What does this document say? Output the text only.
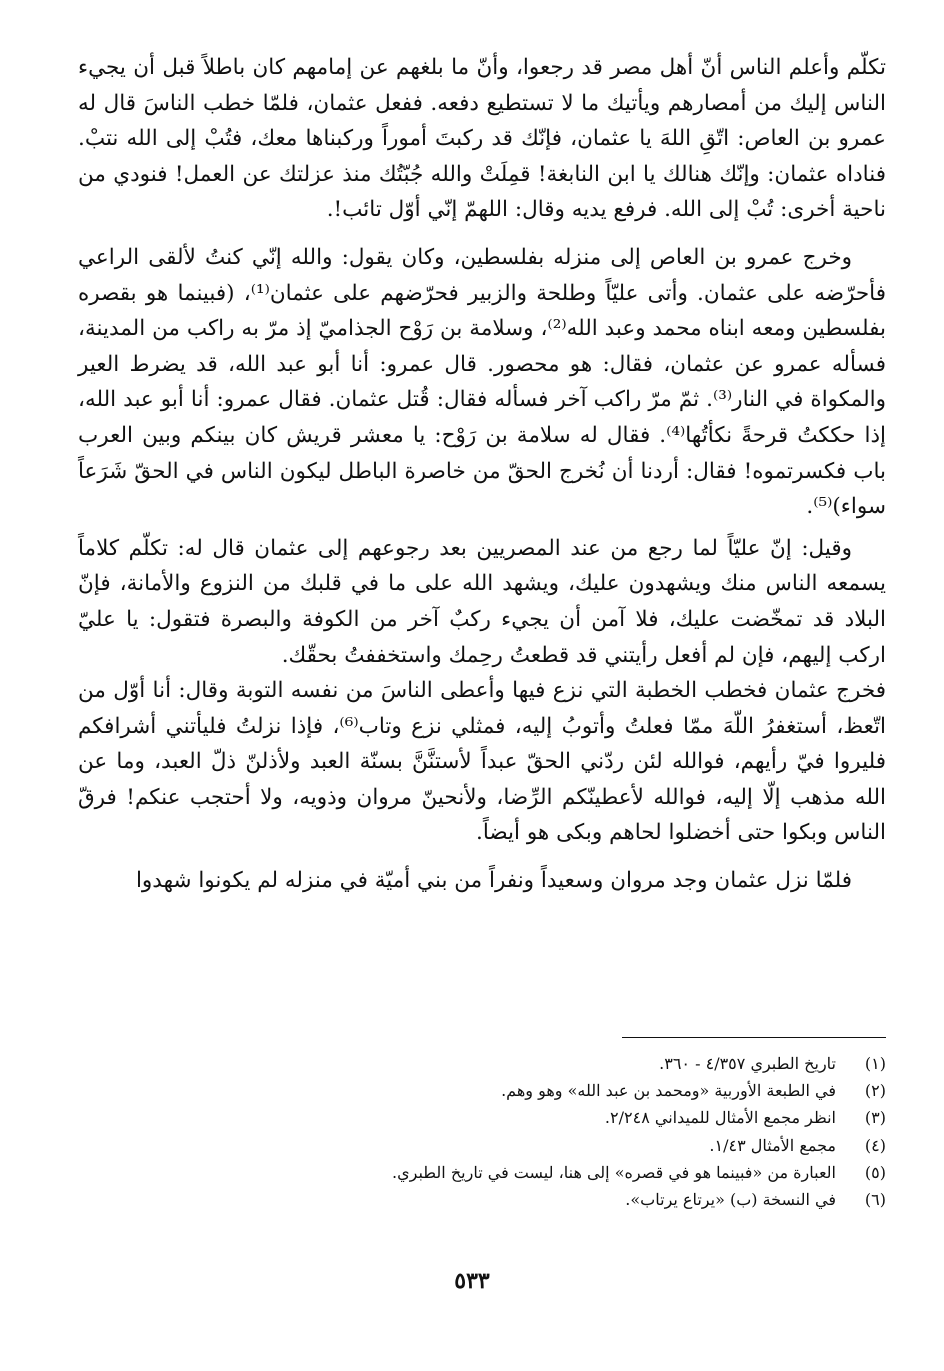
تكلّم وأعلم الناس أنّ أهل مصر قد رجعوا، وأنّ ما بلغهم عن إمامهم كان باطلاً قبل أن يجيء الناس إليك من أمصارهم ويأتيك ما لا تستطيع دفعه. ففعل عثمان، فلمّا خطب الناسَ قال له عمرو بن العاص: اتّقِ اللهَ يا عثمان، فإنّك قد ركبتَ أموراً وركبناها معك، فتُبْ إلى الله نتبْ. فناداه عثمان: وإنّك هنالك يا ابن النابغة! قمِلَتْ والله جُبّتُك منذ عزلتك عن العمل! فنودي من ناحية أخرى: تُبْ إلى الله. فرفع يديه وقال: اللهمّ إنّي أوّل تائب!.

وخرج عمرو بن العاص إلى منزله بفلسطين، وكان يقول: والله إنّي كنتُ لألقى الراعي فأحرّضه على عثمان. وأتى عليّاً وطلحة والزبير فحرّضهم على عثمان⁽¹⁾، (فبينما هو بقصره بفلسطين ومعه ابناه محمد وعبد الله⁽²⁾، وسلامة بن رَوْح الجذاميّ إذ مرّ به راكب من المدينة، فسأله عمرو عن عثمان، فقال: هو محصور. قال عمرو: أنا أبو عبد الله، قد يضرط العير والمكواة في النار⁽³⁾. ثمّ مرّ راكب آخر فسأله فقال: قُتل عثمان. فقال عمرو: أنا أبو عبد الله، إذا حككتُ قرحةً نكأتُها⁽⁴⁾. فقال له سلامة بن رَوْح: يا معشر قريش كان بينكم وبين العرب باب فكسرتموه! فقال: أردنا أن نُخرج الحقّ من خاصرة الباطل ليكون الناس في الحقّ شَرَعاً سواء)⁽⁵⁾.

وقيل: إنّ عليّاً لما رجع من عند المصريين بعد رجوعهم إلى عثمان قال له: تكلّم كلاماً يسمعه الناس منك ويشهدون عليك، ويشهد الله على ما في قلبك من النزوع والأمانة، فإنّ البلاد قد تمخّضت عليك، فلا آمن أن يجيء ركبٌ آخر من الكوفة والبصرة فتقول: يا عليّ اركب إليهم، فإن لم أفعل رأيتني قد قطعتُ رحِمك واستخففتُ بحقّك.

فخرج عثمان فخطب الخطبة التي نزع فيها وأعطى الناسَ من نفسه التوبة وقال: أنا أوّل من اتّعظ، أستغفرُ اللّهَ ممّا فعلتُ وأتوبُ إليه، فمثلي نزع وتاب⁽⁶⁾، فإذا نزلتُ فليأتني أشرافكم فليروا فيّ رأيهم، فوالله لئن ردّني الحقّ عبداً لأستنَّنَّ بسنّة العبد ولأذلنّ ذلّ العبد، وما عن الله مذهب إلّا إليه، فوالله لأعطينّكم الرِّضا، ولأنحينّ مروان وذويه، ولا أحتجب عنكم! فرقّ الناس وبكوا حتى أخضلوا لحاهم وبكى هو أيضاً.

فلمّا نزل عثمان وجد مروان وسعيداً ونفراً من بني أميّة في منزله لم يكونوا شهدوا

(١)
تاريخ الطبري ٤/٣٥٧ - ٣٦٠.
(٢)
في الطبعة الأوربية «ومحمد بن عبد الله» وهو وهم.
(٣)
انظر مجمع الأمثال للميداني ٢/٢٤٨.
(٤)
مجمع الأمثال ١/٤٣.
(٥)
العبارة من «فبينما هو في قصره» إلى هنا، ليست في تاريخ الطبري.
(٦)
في النسخة (ب) «يرتاع يرتاب».
٥٣٣
